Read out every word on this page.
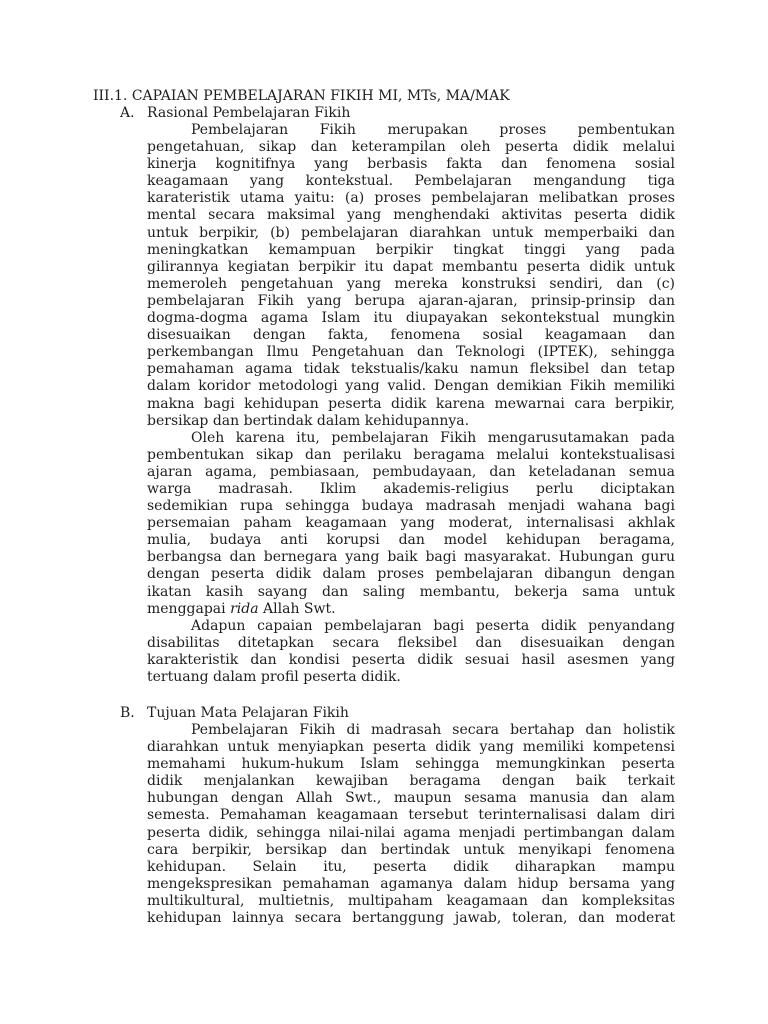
III.1. CAPAIAN PEMBELAJARAN FIKIH MI, MTs, MA/MAK
A. Rasional Pembelajaran Fikih
Pembelajaran Fikih merupakan proses pembentukan
pengetahuan, sikap dan keterampilan oleh peserta didik melalui
kinerja kognitifnya yang berbasis fakta dan fenomena sosial
keagamaan yang kontekstual. Pembelajaran mengandung tiga
karateristik utama yaitu: (a) proses pembelajaran melibatkan proses
mental secara maksimal yang menghendaki aktivitas peserta didik
untuk berpikir, (b) pembelajaran diarahkan untuk memperbaiki dan
meningkatkan kemampuan berpikir tingkat tinggi yang pada
gilirannya kegiatan berpikir itu dapat membantu peserta didik untuk
memeroleh pengetahuan yang mereka konstruksi sendiri, dan (c)
pembelajaran Fikih yang berupa ajaran-ajaran, prinsip-prinsip dan
dogma-dogma agama Islam itu diupayakan sekontekstual mungkin
disesuaikan dengan fakta, fenomena sosial keagamaan dan
perkembangan Ilmu Pengetahuan dan Teknologi (IPTEK), sehingga
pemahaman agama tidak tekstualis/kaku namun fleksibel dan tetap
dalam koridor metodologi yang valid. Dengan demikian Fikih memiliki
makna bagi kehidupan peserta didik karena mewarnai cara berpikir,
bersikap dan bertindak dalam kehidupannya.
Oleh karena itu, pembelajaran Fikih mengarusutamakan pada
pembentukan sikap dan perilaku beragama melalui kontekstualisasi
ajaran agama, pembiasaan, pembudayaan, dan keteladanan semua
warga madrasah. Iklim akademis-religius perlu diciptakan
sedemikian rupa sehingga budaya madrasah menjadi wahana bagi
persemaian paham keagamaan yang moderat, internalisasi akhlak
mulia, budaya anti korupsi dan model kehidupan beragama,
berbangsa dan bernegara yang baik bagi masyarakat. Hubungan guru
dengan peserta didik dalam proses pembelajaran dibangun dengan
ikatan kasih sayang dan saling membantu, bekerja sama untuk
menggapai rida Allah Swt.
Adapun capaian pembelajaran bagi peserta didik penyandang
disabilitas ditetapkan secara fleksibel dan disesuaikan dengan
karakteristik dan kondisi peserta didik sesuai hasil asesmen yang
tertuang dalam profil peserta didik.
B. Tujuan Mata Pelajaran Fikih
Pembelajaran Fikih di madrasah secara bertahap dan holistik
diarahkan untuk menyiapkan peserta didik yang memiliki kompetensi
memahami hukum-hukum Islam sehingga memungkinkan peserta
didik menjalankan kewajiban beragama dengan baik terkait
hubungan dengan Allah Swt., maupun sesama manusia dan alam
semesta. Pemahaman keagamaan tersebut terinternalisasi dalam diri
peserta didik, sehingga nilai-nilai agama menjadi pertimbangan dalam
cara berpikir, bersikap dan bertindak untuk menyikapi fenomena
kehidupan. Selain itu, peserta didik diharapkan mampu
mengekspresikan pemahaman agamanya dalam hidup bersama yang
multikultural, multietnis, multipaham keagamaan dan kompleksitas
kehidupan lainnya secara bertanggung jawab, toleran, dan moderat
